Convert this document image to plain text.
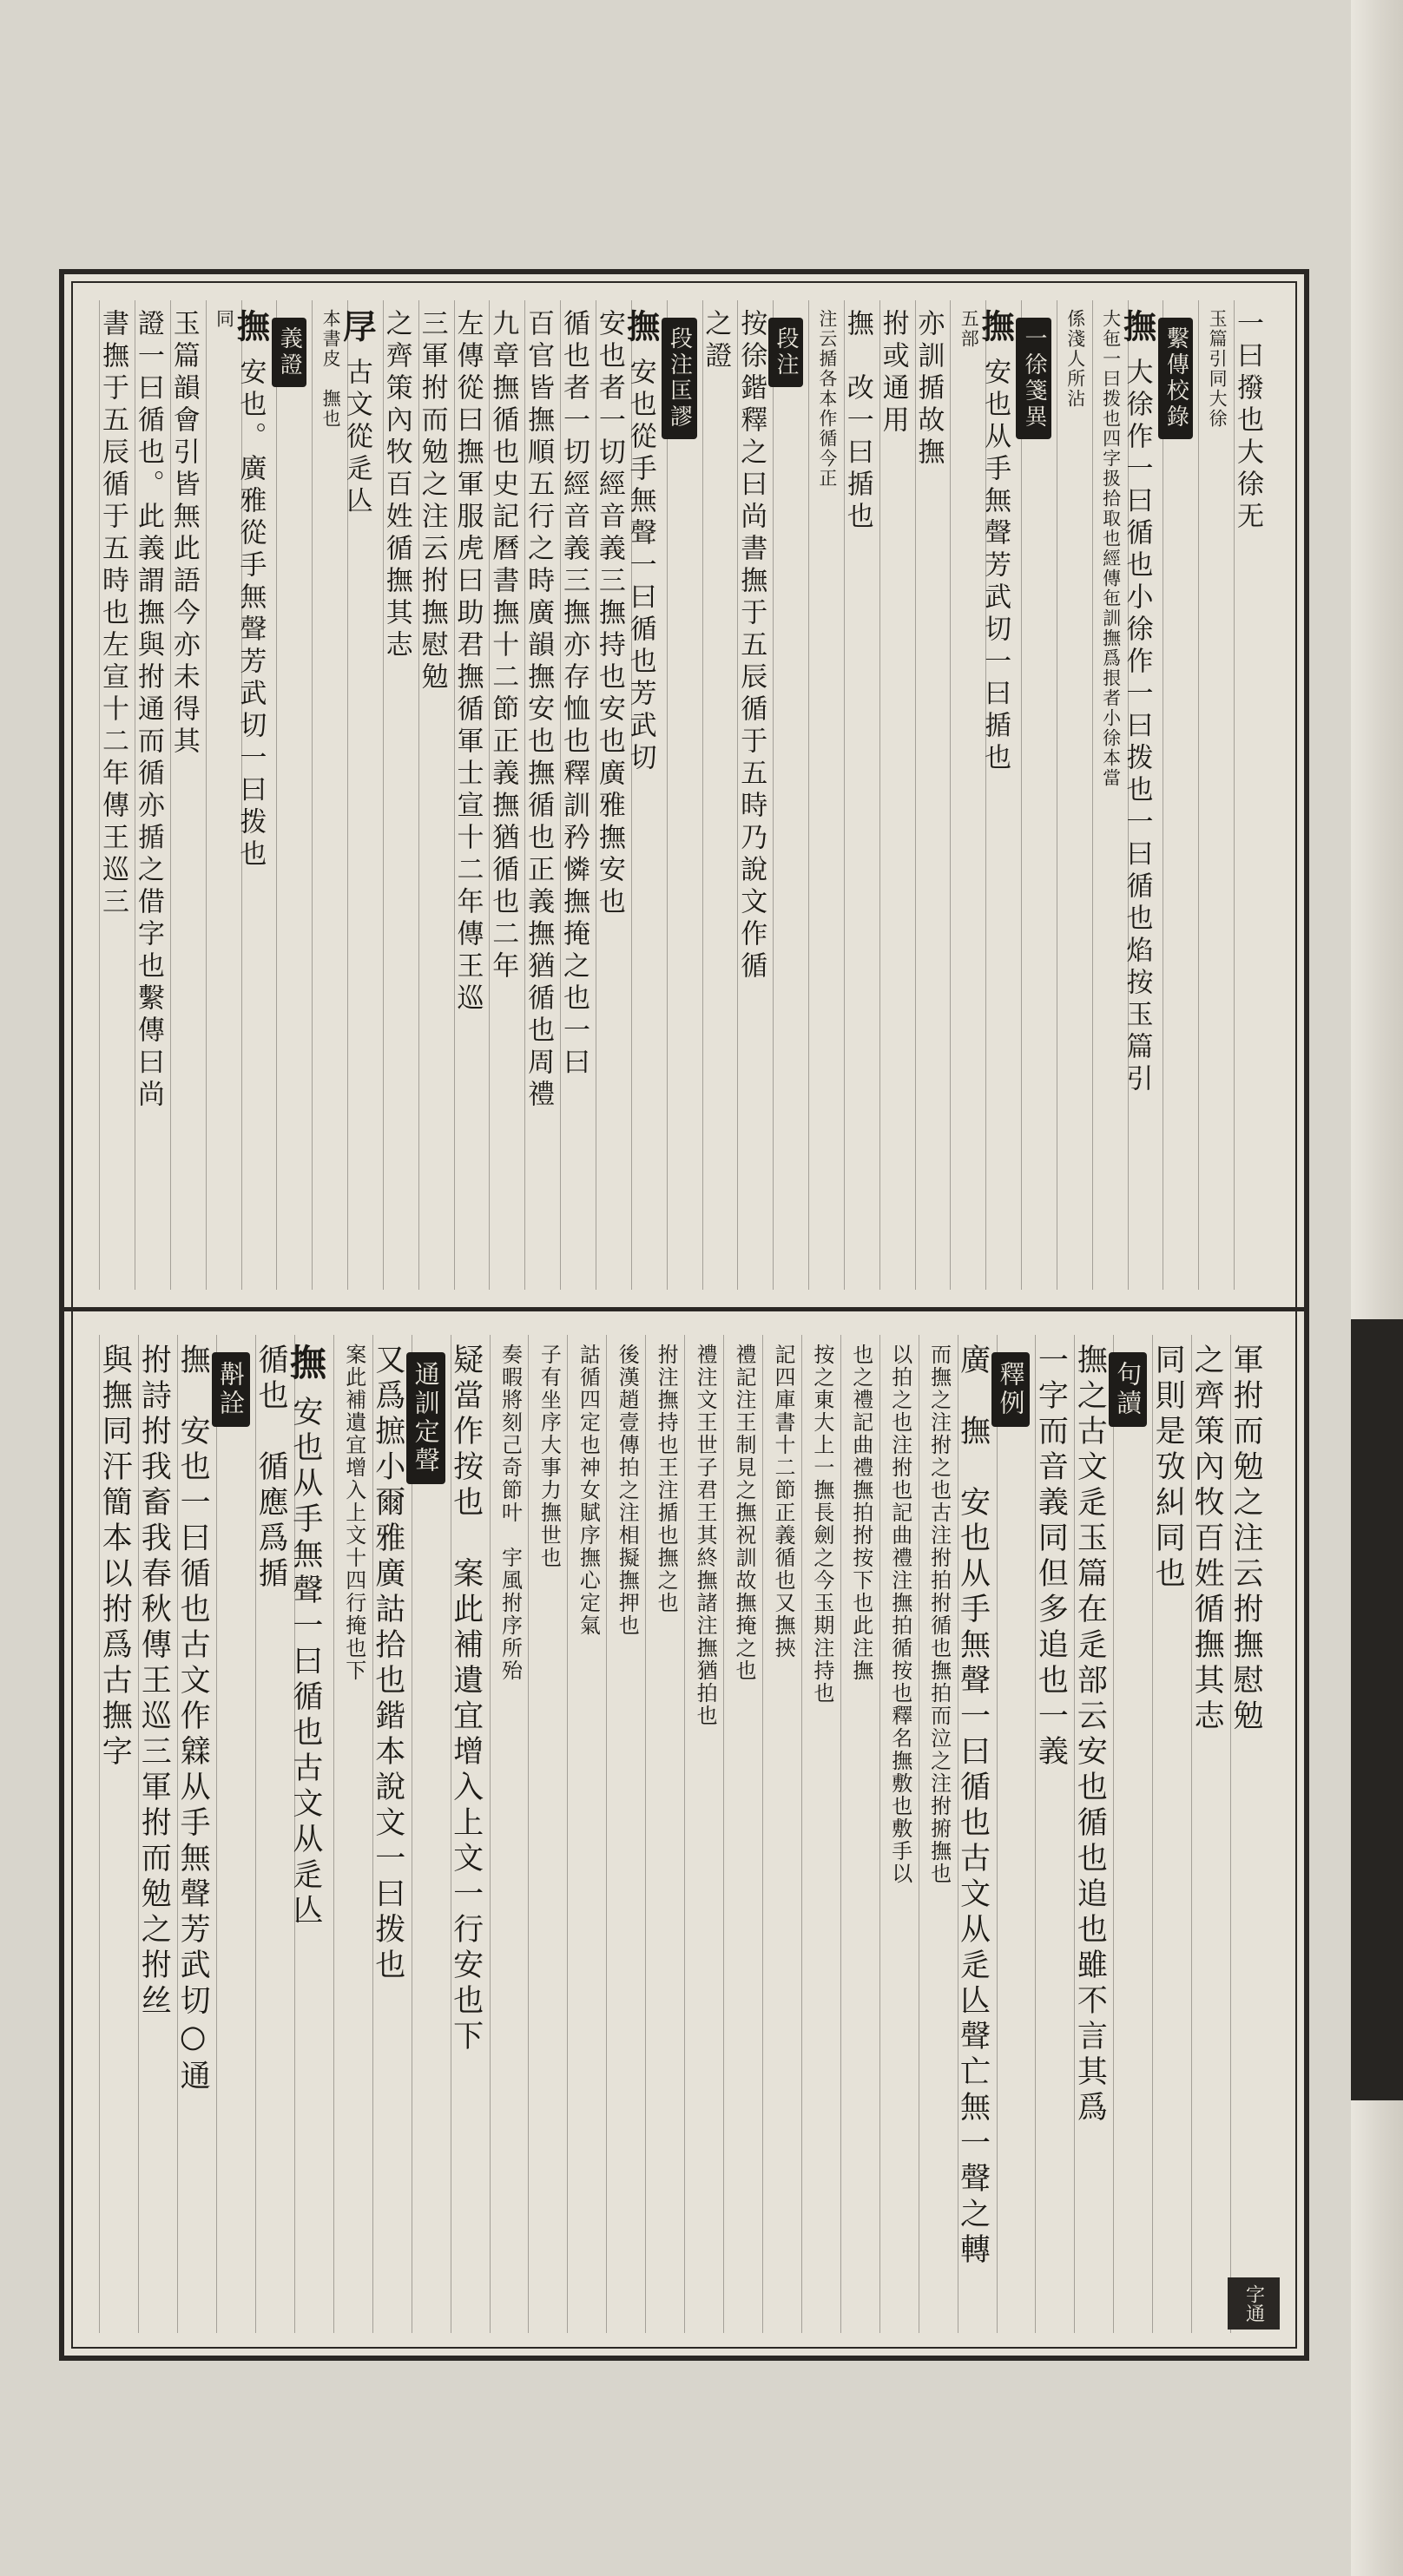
一曰撥也大徐无
玉篇引同大徐
繫傳校錄
撫大徐作一曰循也小徐作一曰拨也一曰循也焰按玉篇引
大㐌一曰拨也四字扱拾取也經傳㐌訓撫爲拫者小徐本當
係淺人所沾
一徐箋異
撫安也从手無聲芳武切一曰揗也
五部
亦訓揗故撫
拊或通用
撫　改一曰揗也
注云揗各本作循今正
段注
按徐鍇釋之曰尚書撫于五辰循于五時乃說文作循
之證
段注匡謬
撫安也從手無聲一曰循也芳武切
安也者一切經音義三撫持也安也廣雅撫安也
循也者一切經音義三撫亦存恤也釋訓矜憐撫掩之也一曰
百官皆撫順五行之時廣韻撫安也撫循也正義撫猶循也周禮
九章撫循也史記曆書撫十二節正義撫猶循也二年
左傳從曰撫軍服虎曰助君撫循軍士宣十二年傳王巡
三軍拊而勉之注云拊撫慰勉
之齊策內牧百姓循撫其志
㞌古文從辵亾
本書皮　撫也
義證
撫安也。廣雅從手無聲芳武切一曰拨也
同
玉篇韻會引皆無此語今亦未得其
證一曰循也。此義謂撫與拊通而循亦揗之借字也繫傳曰尚
書撫于五辰循于五時也左宣十二年傳王巡三
軍拊而勉之注云拊撫慰勉
之齊策內牧百姓循撫其志
同則是攷糾同也
句讀
撫之古文辵玉篇在辵部云安也循也追也雖不言其爲
一字而音義同但多追也一義
釋例
廣　撫　安也从手無聲一曰循也古文从辵亾聲亡無一聲之轉
而撫之注拊之也古注拊拍拊循也撫拍而泣之注拊捬撫也
以拍之也注拊也記曲禮注撫拍循按也釋名撫敷也敷手以
也之禮記曲禮撫拍拊按下也此注撫
按之東大上一撫長劍之今玉期注持也
記四庫書十二節正義循也又撫挾
禮記注王制見之撫祝訓故撫掩之也
禮注文王世子君王其終撫諸注撫猶拍也
拊注撫持也王注揗也撫之也
後漢趙壹傳拍之注相擬撫押也
詁循四定也神女賦序撫心定氣
子有坐序大事力撫世也
奏暇將刻己奇節叶　宇風拊序所殆
疑當作按也　案此補遺宜增入上文一行安也下
通訓定聲
又爲摭小爾雅廣詁拾也鍇本說文一曰拨也
案此補遺宜增入上文十四行掩也下
撫安也从手無聲一曰循也古文从辵亾
循也　循應爲揗
斠詮
撫　安也一曰循也古文作䢄从手無聲芳武切○通
拊詩拊我畜我春秋傳王巡三軍拊而勉之拊丝
與撫同汗簡本以拊爲古撫字
字通
